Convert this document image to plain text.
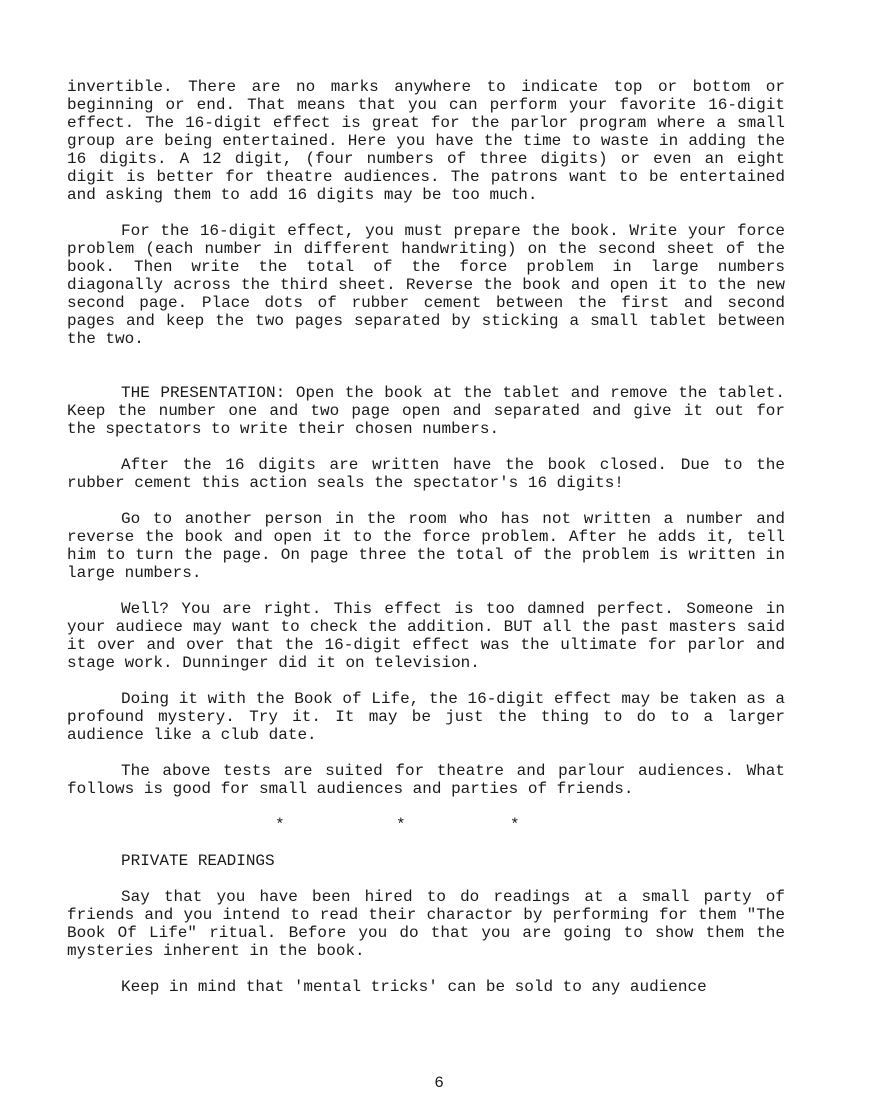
invertible. There are no marks anywhere to indicate top or bottom or beginning or end. That means that you can perform your favorite 16-digit effect. The 16-digit effect is great for the parlor program where a small group are being entertained. Here you have the time to waste in adding the 16 digits. A 12 digit, (four numbers of three digits) or even an eight digit is better for theatre audiences. The patrons want to be entertained and asking them to add 16 digits may be too much.

For the 16-digit effect, you must prepare the book. Write your force problem (each number in different handwriting) on the second sheet of the book. Then write the total of the force problem in large numbers diagonally across the third sheet. Reverse the book and open it to the new second page. Place dots of rubber cement between the first and second pages and keep the two pages separated by sticking a small tablet between the two.

THE PRESENTATION: Open the book at the tablet and remove the tablet. Keep the number one and two page open and separated and give it out for the spectators to write their chosen numbers.

After the 16 digits are written have the book closed. Due to the rubber cement this action seals the spectator's 16 digits!

Go to another person in the room who has not written a number and reverse the book and open it to the force problem. After he adds it, tell him to turn the page. On page three the total of the problem is written in large numbers.

Well? You are right. This effect is too damned perfect. Someone in your audiece may want to check the addition. BUT all the past masters said it over and over that the 16-digit effect was the ultimate for parlor and stage work. Dunninger did it on television.

Doing it with the Book of Life, the 16-digit effect may be taken as a profound mystery. Try it. It may be just the thing to do to a larger audience like a club date.

The above tests are suited for theatre and parlour audiences. What follows is good for small audiences and parties of friends.

*	*	*

PRIVATE READINGS

Say that you have been hired to do readings at a small party of friends and you intend to read their charactor by performing for them "The Book Of Life" ritual. Before you do that you are going to show them the mysteries inherent in the book.

Keep in mind that 'mental tricks' can be sold to any audience

6
